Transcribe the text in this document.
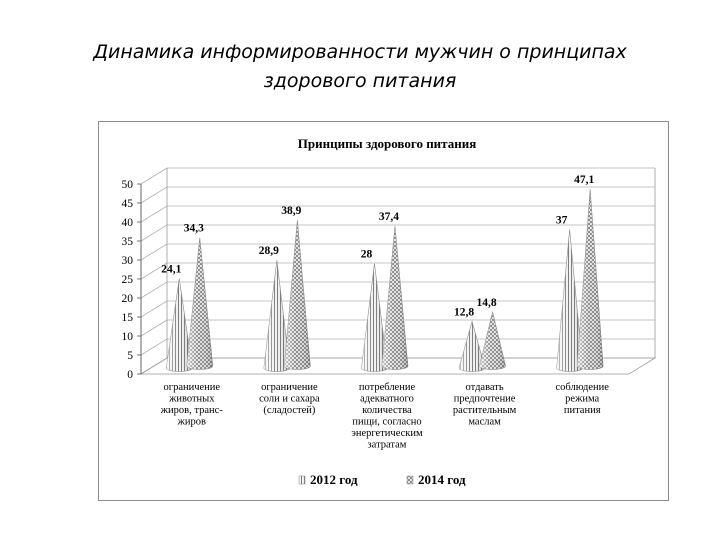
Динамика информированности мужчин о принципах
здорового питания
Принципы здорового питания
0
5
10
15
20
25
30
35
40
45
50
24,1
34,3
28,9
38,9
28
37,4
12,8
14,8
37
47,1
ограничение животных жиров, транс-жиров
ограничение соли и сахара (сладостей)
потребление адекватного количества пищи, согласно энергетическим затратам
отдавать предпочтение растительным маслам
соблюдение режима питания
2012 год	2014 год
